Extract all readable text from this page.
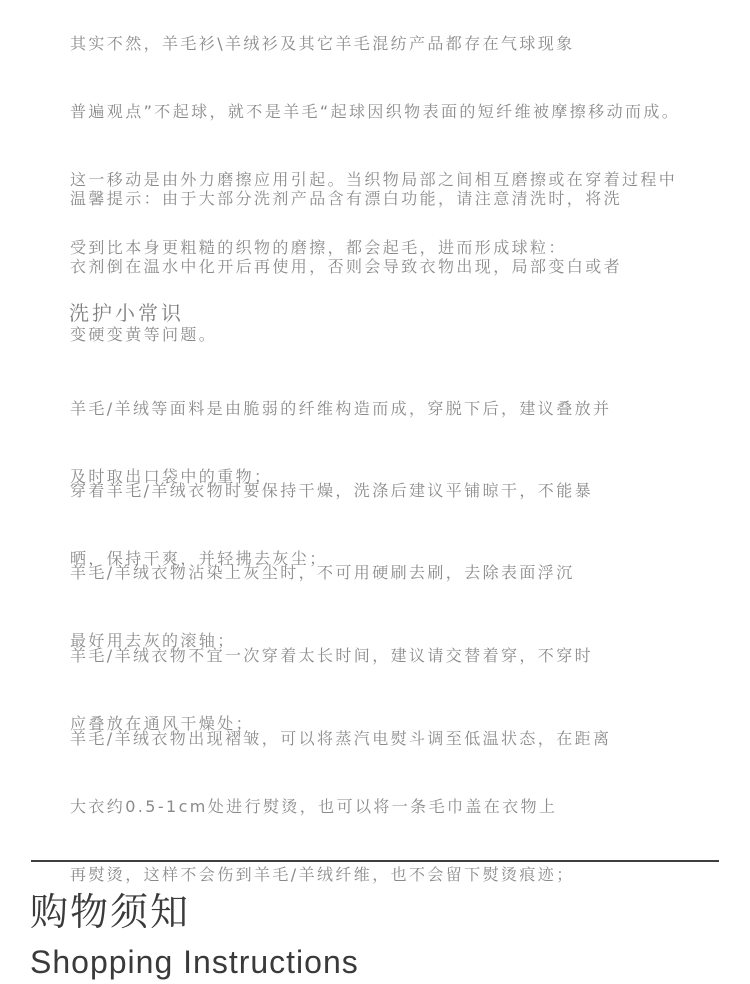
其实不然，羊毛衫\羊绒衫及其它羊毛混纺产品都存在气球现象

普遍观点”不起球，就不是羊毛“起球因织物表面的短纤维被摩擦移动而成。

这一移动是由外力磨擦应用引起。当织物局部之间相互磨擦或在穿着过程中

受到比本身更粗糙的织物的磨擦，都会起毛，进而形成球粒：

温馨提示：由于大部分洗剂产品含有漂白功能，请注意清洗时，将洗

衣剂倒在温水中化开后再使用，否则会导致衣物出现，局部变白或者

变硬变黄等问题。

洗护小常识

羊毛/羊绒等面料是由脆弱的纤维构造而成，穿脱下后，建议叠放并

及时取出口袋中的重物；

穿着羊毛/羊绒衣物时要保持干燥，洗涤后建议平铺晾干，不能暴

晒，保持干爽，并轻拂去灰尘；

羊毛/羊绒衣物沾染上灰尘时，不可用硬刷去刷，去除表面浮沉

最好用去灰的滚轴；

羊毛/羊绒衣物不宜一次穿着太长时间，建议请交替着穿，不穿时

应叠放在通风干燥处；

羊毛/羊绒衣物出现褶皱，可以将蒸汽电熨斗调至低温状态，在距离

大衣约0.5-1cm处进行熨烫，也可以将一条毛巾盖在衣物上

再熨烫，这样不会伤到羊毛/羊绒纤维，也不会留下熨烫痕迹；

购物须知
Shopping Instructions
